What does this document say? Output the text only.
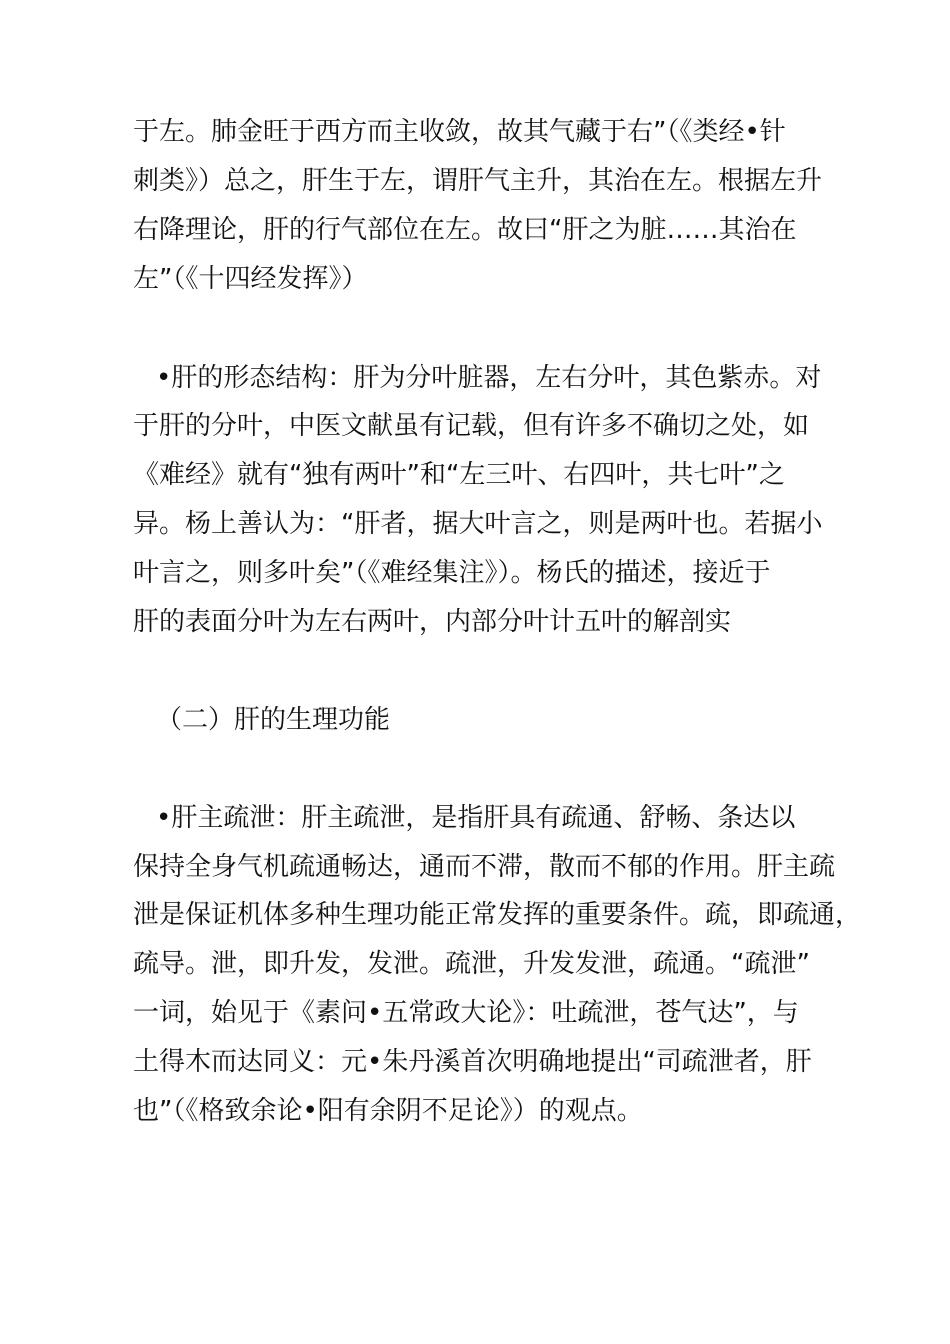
于左。肺金旺于西方而主收敛，故其气藏于右”（《类经•针
刺类》）总之，肝生于左，谓肝气主升，其治在左。根据左升
右降理论，肝的行气部位在左。故曰“肝之为脏……其治在
左”（《十四经发挥》）
•肝的形态结构：肝为分叶脏器，左右分叶，其色紫赤。对
于肝的分叶，中医文献虽有记载，但有许多不确切之处，如
《难经》就有“独有两叶”和“左三叶、右四叶，共七叶”之
异。杨上善认为：“肝者，据大叶言之，则是两叶也。若据小
叶言之，则多叶矣”（《难经集注》）。杨氏的描述，接近于
肝的表面分叶为左右两叶，内部分叶计五叶的解剖实
（二）肝的生理功能
•肝主疏泄：肝主疏泄，是指肝具有疏通、舒畅、条达以
保持全身气机疏通畅达，通而不滞，散而不郁的作用。肝主疏
泄是保证机体多种生理功能正常发挥的重要条件。疏，即疏通，
疏导。泄，即升发，发泄。疏泄，升发发泄，疏通。“疏泄”
一词，始见于《素问•五常政大论》：吐疏泄，苍气达”，与
土得木而达同义：元•朱丹溪首次明确地提出“司疏泄者，肝
也”（《格致余论•阳有余阴不足论》）的观点。
